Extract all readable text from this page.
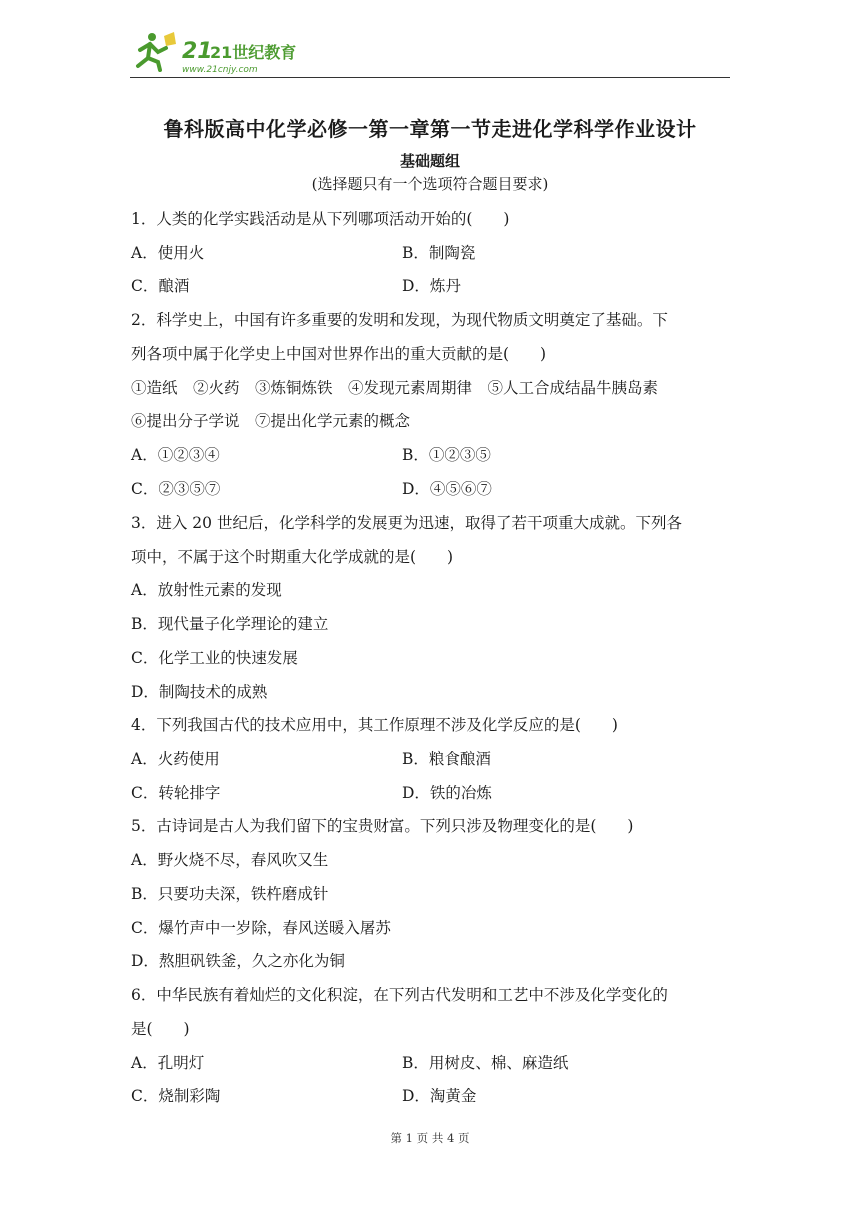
21
21世纪教育
www.21cnjy.com
鲁科版高中化学必修一第一章第一节走进化学科学作业设计
基础题组
(选择题只有一个选项符合题目要求)
1．人类的化学实践活动是从下列哪项活动开始的(　　)
A．使用火	B．制陶瓷
C．酿酒	D．炼丹
2．科学史上，中国有许多重要的发明和发现，为现代物质文明奠定了基础。下
列各项中属于化学史上中国对世界作出的重大贡献的是(　　)
①造纸　②火药　③炼铜炼铁　④发现元素周期律　⑤人工合成结晶牛胰岛素
⑥提出分子学说　⑦提出化学元素的概念
A．①②③④	B．①②③⑤
C．②③⑤⑦	D．④⑤⑥⑦
3．进入 20 世纪后，化学科学的发展更为迅速，取得了若干项重大成就。下列各
项中，不属于这个时期重大化学成就的是(　　)
A．放射性元素的发现
B．现代量子化学理论的建立
C．化学工业的快速发展
D．制陶技术的成熟
4．下列我国古代的技术应用中，其工作原理不涉及化学反应的是(　　)
A．火药使用	B．粮食酿酒
C．转轮排字	D．铁的冶炼
5．古诗词是古人为我们留下的宝贵财富。下列只涉及物理变化的是(　　)
A．野火烧不尽，春风吹又生
B．只要功夫深，铁杵磨成针
C．爆竹声中一岁除，春风送暖入屠苏
D．熬胆矾铁釜，久之亦化为铜
6．中华民族有着灿烂的文化积淀，在下列古代发明和工艺中不涉及化学变化的
是(　　)
A．孔明灯	B．用树皮、棉、麻造纸
C．烧制彩陶	D．淘黄金
第 1 页 共 4 页
